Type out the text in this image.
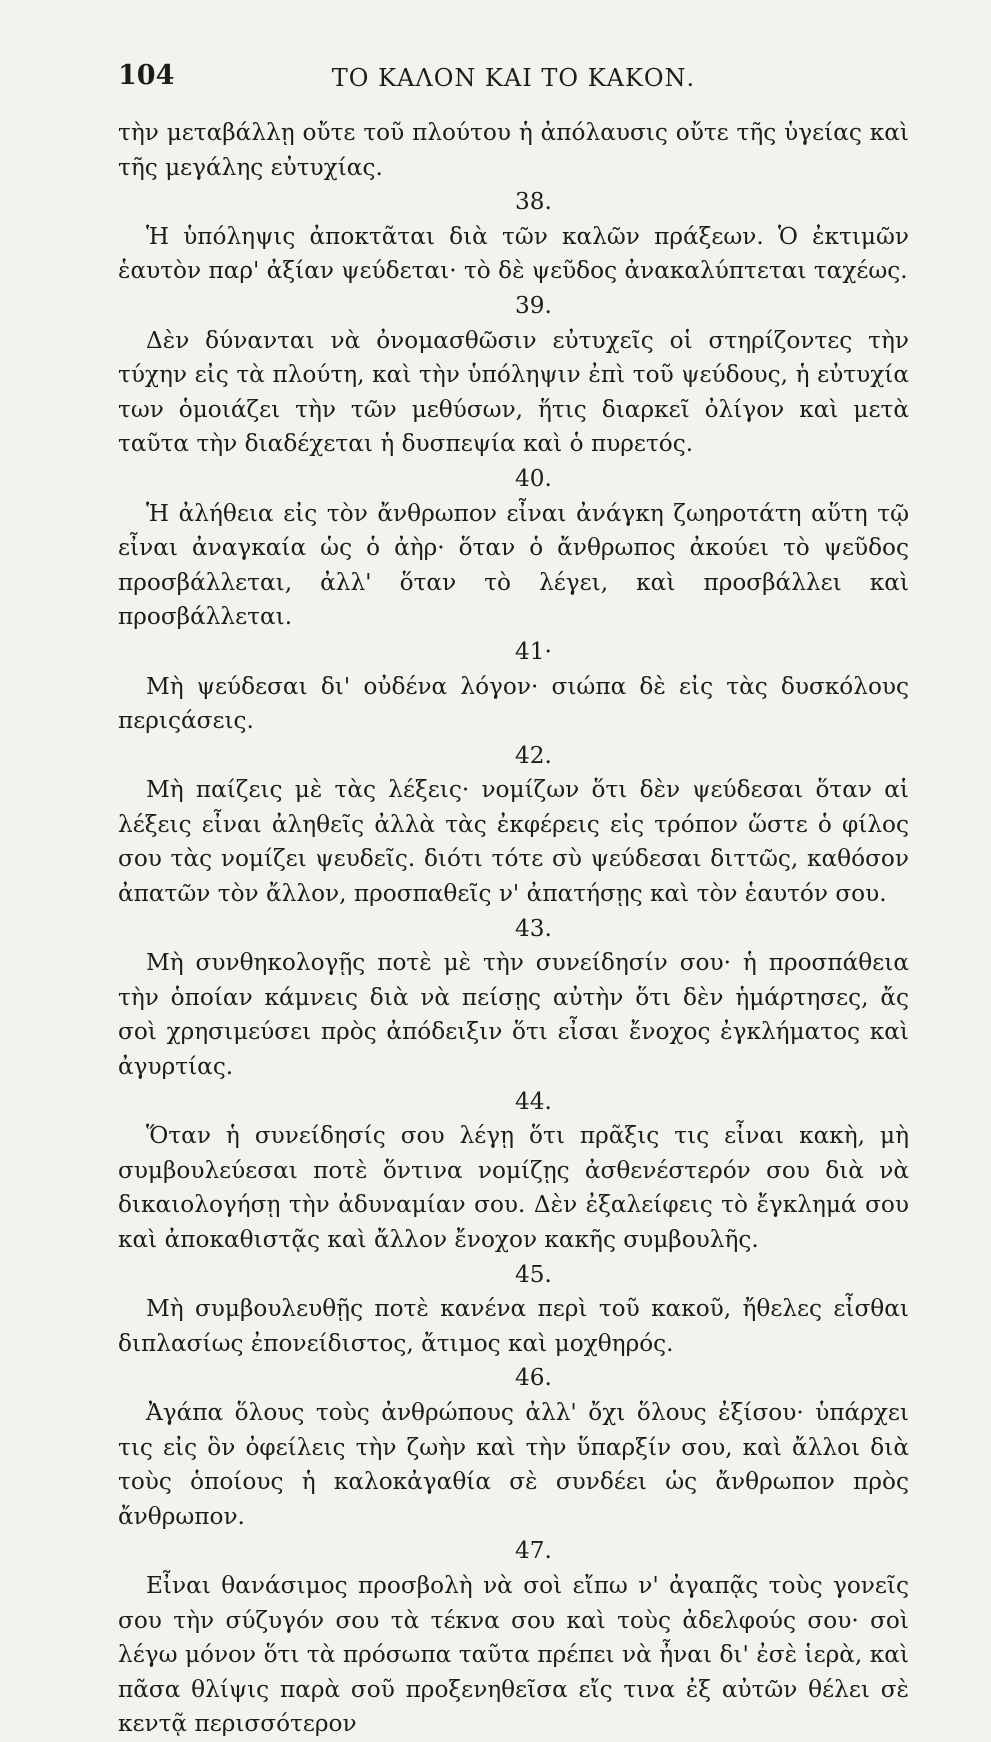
104	ΤΟ ΚΑΛΟΝ ΚΑΙ ΤΟ ΚΑΚΟΝ.

τὴν μεταβάλλῃ οὔτε τοῦ πλούτου ἡ ἀπόλαυσις οὔτε τῆς ὑγείας καὶ τῆς μεγάλης εὐτυχίας.

38.

Ἡ ὑπόληψις ἀποκτᾶται διὰ τῶν καλῶν πράξεων. Ὁ ἐκτιμῶν ἑαυτὸν παρ' ἀξίαν ψεύδεται· τὸ δὲ ψεῦδος ἀνακαλύπτεται ταχέως.

39.

Δὲν δύνανται νὰ ὀνομασθῶσιν εὐτυχεῖς οἱ στηρίζοντες τὴν τύχην εἰς τὰ πλούτη, καὶ τὴν ὑπόληψιν ἐπὶ τοῦ ψεύδους, ἡ εὐτυχία των ὁμοιάζει τὴν τῶν μεθύσων, ἥτις διαρκεῖ ὀλίγον καὶ μετὰ ταῦτα τὴν διαδέχεται ἡ δυσπεψία καὶ ὁ πυρετός.

40.

Ἡ ἀλήθεια εἰς τὸν ἄνθρωπον εἶναι ἀνάγκη ζωηροτάτη αὕτη τῷ εἶναι ἀναγκαία ὡς ὁ ἀὴρ· ὅταν ὁ ἄνθρωπος ἀκούει τὸ ψεῦδος προσβάλλεται, ἀλλ' ὅταν τὸ λέγει, καὶ προσβάλλει καὶ προσβάλλεται.

41·

Μὴ ψεύδεσαι δι' οὐδένα λόγον· σιώπα δὲ εἰς τὰς δυσκόλους περιςάσεις.

42.

Μὴ παίζεις μὲ τὰς λέξεις· νομίζων ὅτι δὲν ψεύδεσαι ὅταν αἱ λέξεις εἶναι ἀληθεῖς ἀλλὰ τὰς ἐκφέρεις εἰς τρόπον ὥστε ὁ φίλος σου τὰς νομίζει ψευδεῖς. διότι τότε σὺ ψεύδεσαι διττῶς, καθόσον ἀπατῶν τὸν ἄλλον, προσπαθεῖς ν' ἀπατήσῃς καὶ τὸν ἑαυτόν σου.

43.

Μὴ συνθηκολογῇς ποτὲ μὲ τὴν συνείδησίν σου· ἡ προσπάθεια τὴν ὁποίαν κάμνεις διὰ νὰ πείσῃς αὐτὴν ὅτι δὲν ἡμάρτησες, ἄς σοὶ χρησιμεύσει πρὸς ἀπόδειξιν ὅτι εἶσαι ἔνοχος ἐγκλήματος καὶ ἀγυρτίας.

44.

Ὅταν ἡ συνείδησίς σου λέγῃ ὅτι πρᾶξις τις εἶναι κακὴ, μὴ συμβουλεύεσαι ποτὲ ὅντινα νομίζῃς ἀσθενέστερόν σου διὰ νὰ δικαιολογήσῃ τὴν ἀδυναμίαν σου. Δὲν ἐξαλείφεις τὸ ἔγκλημά σου καὶ ἀποκαθιστᾷς καὶ ἄλλον ἔνοχον κακῆς συμβουλῆς.

45.

Μὴ συμβουλευθῇς ποτὲ κανένα περὶ τοῦ κακοῦ, ἤθελες εἶσθαι διπλασίως ἐπονείδιστος, ἄτιμος καὶ μοχθηρός.

46.

Ἀγάπα ὅλους τοὺς ἀνθρώπους ἀλλ' ὄχι ὅλους ἐξίσου· ὑπάρχει τις εἰς ὃν ὀφείλεις τὴν ζωὴν καὶ τὴν ὕπαρξίν σου, καὶ ἄλλοι διὰ τοὺς ὁποίους ἡ καλοκἀγαθία σὲ συνδέει ὡς ἄνθρωπον πρὸς ἄνθρωπον.

47.

Εἶναι θανάσιμος προσβολὴ νὰ σοὶ εἴπω ν' ἀγαπᾷς τοὺς γονεῖς σου τὴν σύζυγόν σου τὰ τέκνα σου καὶ τοὺς ἀδελφούς σου· σοὶ λέγω μόνον ὅτι τὰ πρόσωπα ταῦτα πρέπει νὰ ἦναι δι' ἐσὲ ἱερὰ, καὶ πᾶσα θλίψις παρὰ σοῦ προξενηθεῖσα εἴς τινα ἐξ αὐτῶν θέλει σὲ κεντᾷ περισσότερον
